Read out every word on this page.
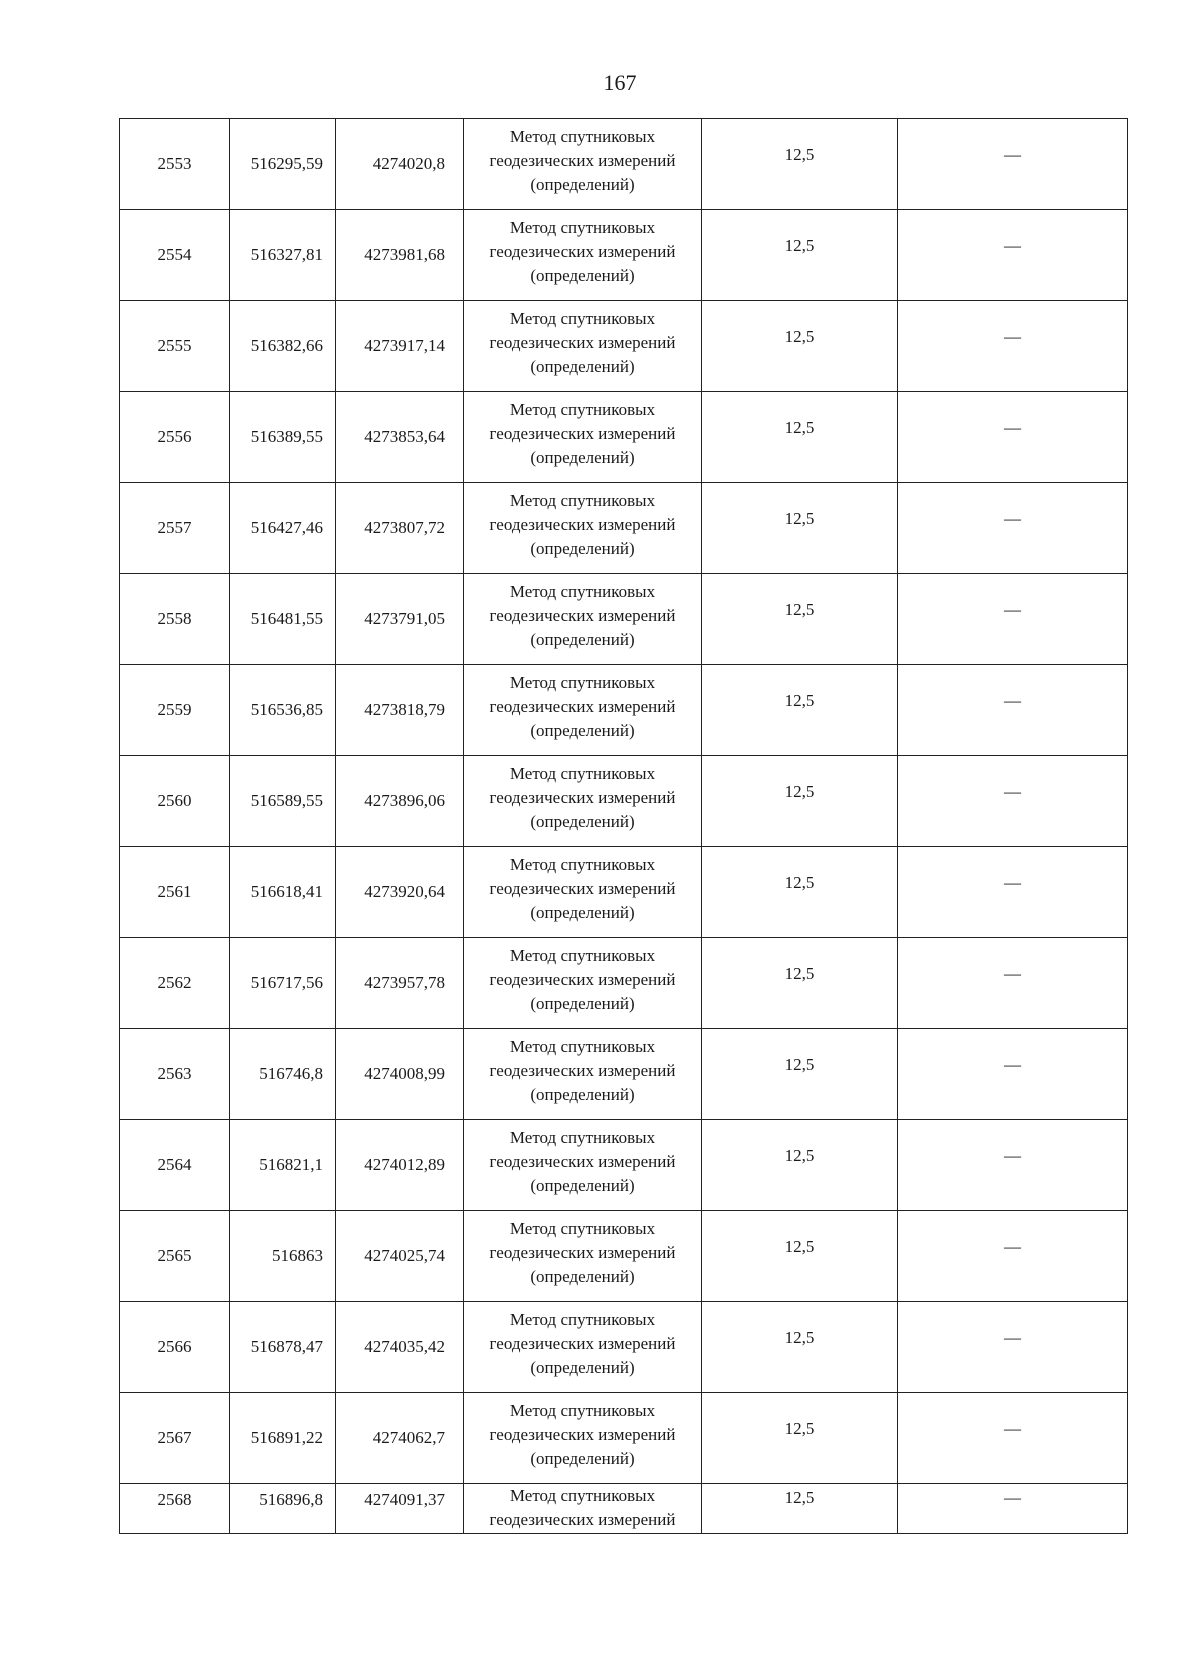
167
2553	516295,59	4274020,8	Метод спутниковых
геодезических измерений
(определений)	12,5	—
2554	516327,81	4273981,68	Метод спутниковых
геодезических измерений
(определений)	12,5	—
2555	516382,66	4273917,14	Метод спутниковых
геодезических измерений
(определений)	12,5	—
2556	516389,55	4273853,64	Метод спутниковых
геодезических измерений
(определений)	12,5	—
2557	516427,46	4273807,72	Метод спутниковых
геодезических измерений
(определений)	12,5	—
2558	516481,55	4273791,05	Метод спутниковых
геодезических измерений
(определений)	12,5	—
2559	516536,85	4273818,79	Метод спутниковых
геодезических измерений
(определений)	12,5	—
2560	516589,55	4273896,06	Метод спутниковых
геодезических измерений
(определений)	12,5	—
2561	516618,41	4273920,64	Метод спутниковых
геодезических измерений
(определений)	12,5	—
2562	516717,56	4273957,78	Метод спутниковых
геодезических измерений
(определений)	12,5	—
2563	516746,8	4274008,99	Метод спутниковых
геодезических измерений
(определений)	12,5	—
2564	516821,1	4274012,89	Метод спутниковых
геодезических измерений
(определений)	12,5	—
2565	516863	4274025,74	Метод спутниковых
геодезических измерений
(определений)	12,5	—
2566	516878,47	4274035,42	Метод спутниковых
геодезических измерений
(определений)	12,5	—
2567	516891,22	4274062,7	Метод спутниковых
геодезических измерений
(определений)	12,5	—
2568	516896,8	4274091,37	Метод спутниковых
геодезических измерений	12,5	—
